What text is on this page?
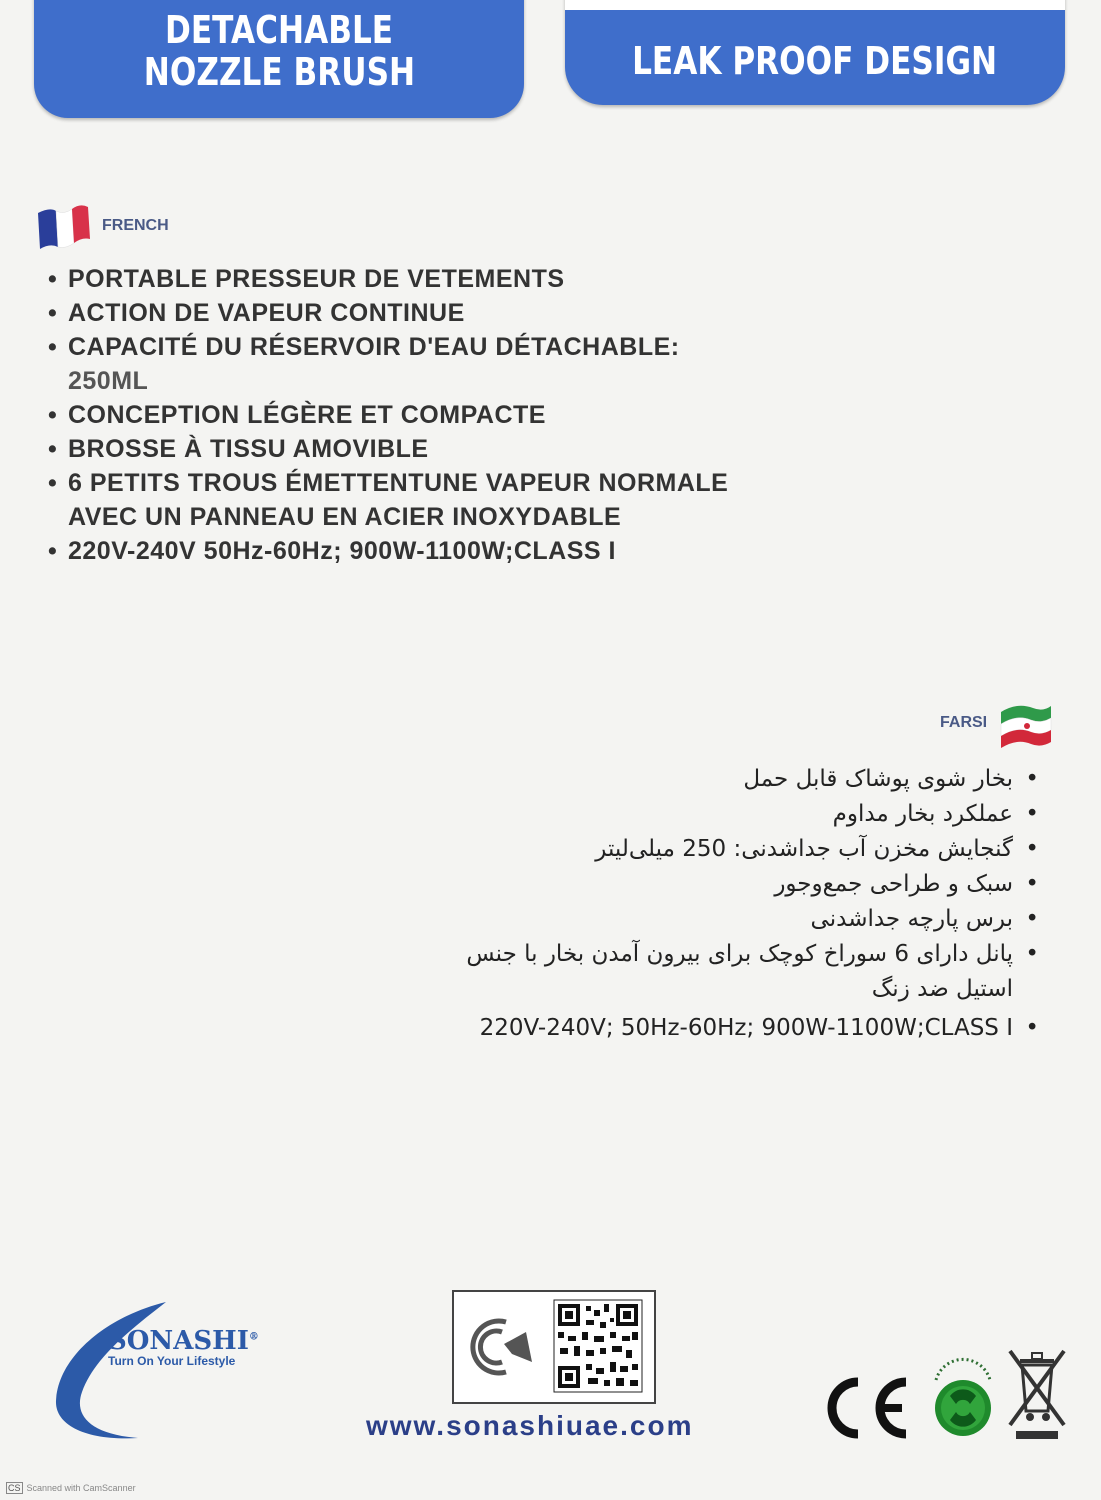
DETACHABLE
NOZZLE BRUSH	LEAK PROOF DESIGN
FRENCH
• PORTABLE PRESSEUR DE VETEMENTS
• ACTION DE VAPEUR CONTINUE
• CAPACITÉ DU RÉSERVOIR D'EAU DÉTACHABLE:
250ML
• CONCEPTION LÉGÈRE ET COMPACTE
• BROSSE À TISSU AMOVIBLE
• 6 PETITS TROUS ÉMETTENTUNE VAPEUR NORMALE
AVEC UN PANNEAU EN ACIER INOXYDABLE
• 220V-240V 50Hz-60Hz; 900W-1100W;CLASS I
FARSI
• بخار شوی پوشاک قابل حمل
• عملکرد بخار مداوم
• گنجایش مخزن آب جداشدنی: 250 میلی‌لیتر
• سبک و طراحی جمع‌وجور
• برس پارچه جداشدنی
• پانل دارای 6 سوراخ کوچک برای بیرون آمدن بخار با جنس
استیل ضد زنگ
• 220V-240V; 50Hz-60Hz; 900W-1100W;CLASS I
SONASHI®
Turn On Your Lifestyle
www.sonashiuae.com
CS Scanned with CamScanner
